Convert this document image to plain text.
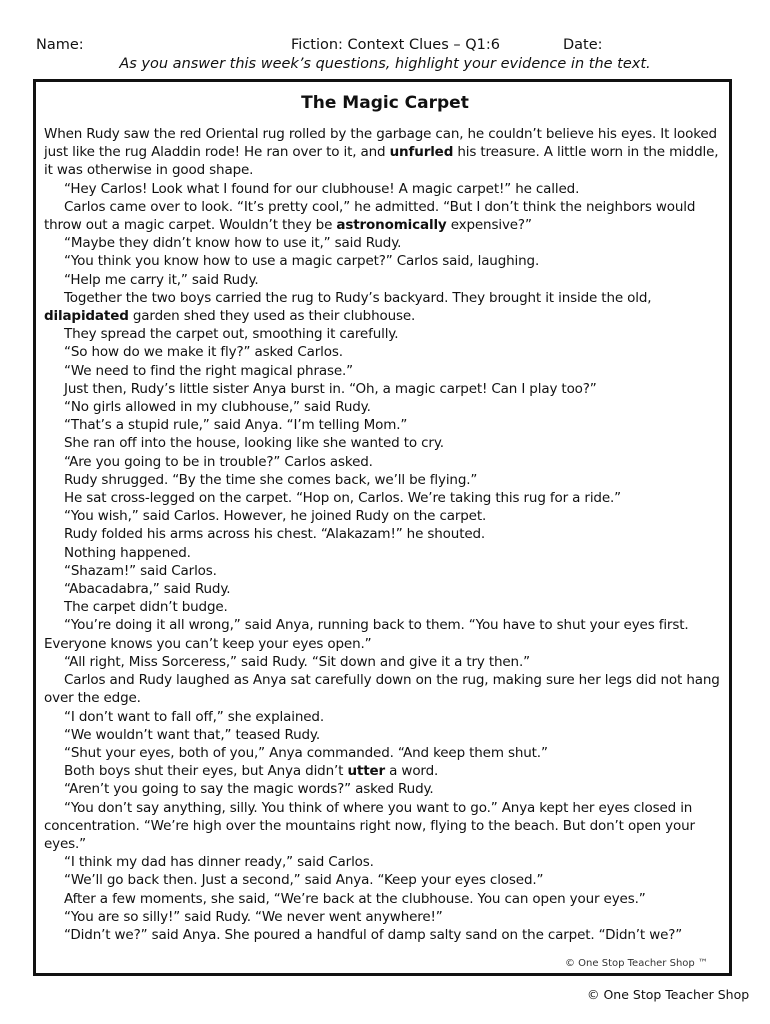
Name:	Fiction: Context Clues – Q1:6	Date:
As you answer this week’s questions, highlight your evidence in the text.
The Magic Carpet

When Rudy saw the red Oriental rug rolled by the garbage can, he couldn’t believe his eyes. It looked just like the rug Aladdin rode! He ran over to it, and unfurled his treasure. A little worn in the middle, it was otherwise in good shape.

“Hey Carlos! Look what I found for our clubhouse! A magic carpet!” he called.

Carlos came over to look. “It’s pretty cool,” he admitted. “But I don’t think the neighbors would throw out a magic carpet. Wouldn’t they be astronomically expensive?”

“Maybe they didn’t know how to use it,” said Rudy.

“You think you know how to use a magic carpet?” Carlos said, laughing.

“Help me carry it,” said Rudy.

Together the two boys carried the rug to Rudy’s backyard. They brought it inside the old, dilapidated garden shed they used as their clubhouse.

They spread the carpet out, smoothing it carefully.

“So how do we make it fly?” asked Carlos.

“We need to find the right magical phrase.”

Just then, Rudy’s little sister Anya burst in. “Oh, a magic carpet! Can I play too?”

“No girls allowed in my clubhouse,” said Rudy.

“That’s a stupid rule,” said Anya. “I’m telling Mom.”

She ran off into the house, looking like she wanted to cry.

“Are you going to be in trouble?” Carlos asked.

Rudy shrugged. “By the time she comes back, we’ll be flying.”

He sat cross-legged on the carpet. “Hop on, Carlos. We’re taking this rug for a ride.”

“You wish,” said Carlos. However, he joined Rudy on the carpet.

Rudy folded his arms across his chest. “Alakazam!” he shouted.

Nothing happened.

“Shazam!” said Carlos.

“Abacadabra,” said Rudy.

The carpet didn’t budge.

“You’re doing it all wrong,” said Anya, running back to them. “You have to shut your eyes first. Everyone knows you can’t keep your eyes open.”

“All right, Miss Sorceress,” said Rudy. “Sit down and give it a try then.”

Carlos and Rudy laughed as Anya sat carefully down on the rug, making sure her legs did not hang over the edge.

“I don’t want to fall off,” she explained.

“We wouldn’t want that,” teased Rudy.

“Shut your eyes, both of you,” Anya commanded. “And keep them shut.”

Both boys shut their eyes, but Anya didn’t utter a word.

“Aren’t you going to say the magic words?” asked Rudy.

“You don’t say anything, silly. You think of where you want to go.” Anya kept her eyes closed in concentration. “We’re high over the mountains right now, flying to the beach. But don’t open your eyes.”

“I think my dad has dinner ready,” said Carlos.

“We’ll go back then. Just a second,” said Anya. “Keep your eyes closed.”

After a few moments, she said, “We’re back at the clubhouse. You can open your eyes.”

“You are so silly!” said Rudy. “We never went anywhere!”

“Didn’t we?” said Anya. She poured a handful of damp salty sand on the carpet. “Didn’t we?”

© One Stop Teacher Shop ™
© One Stop Teacher Shop
